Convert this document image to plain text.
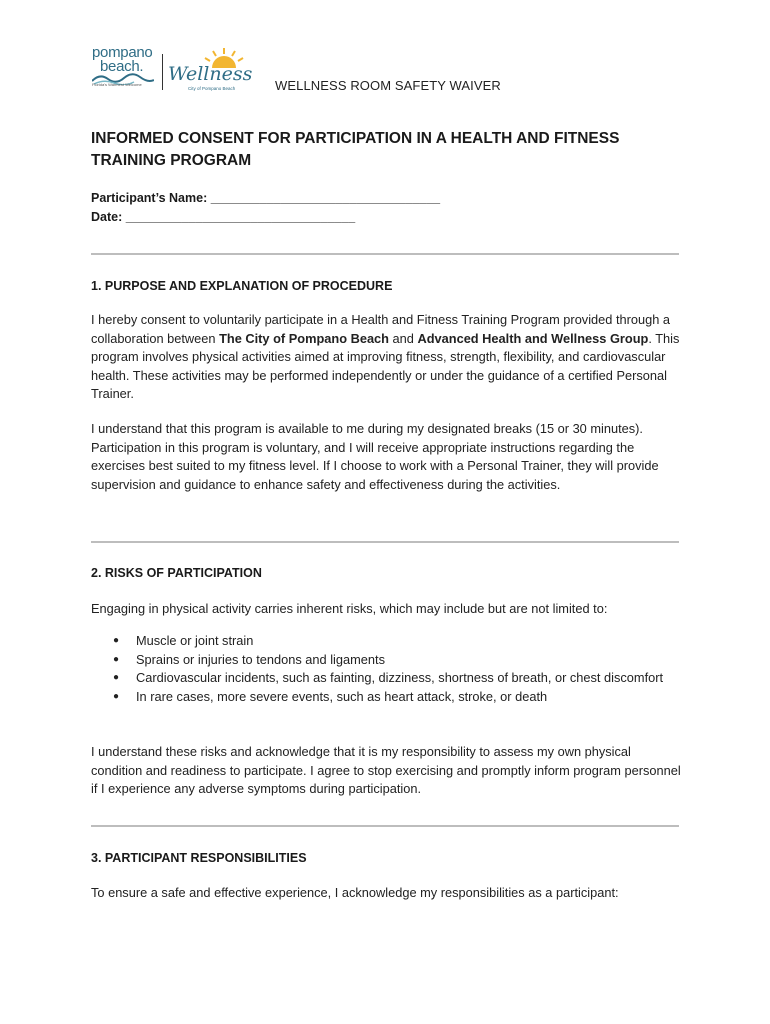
pompano
beach.
Florida's Warmest Welcome Wellness
City of Pompano Beach	WELLNESS ROOM SAFETY WAIVER
INFORMED CONSENT FOR PARTICIPATION IN A HEALTH AND FITNESS TRAINING PROGRAM
Participant’s Name: _________________________________
Date: _________________________________
1. PURPOSE AND EXPLANATION OF PROCEDURE
I hereby consent to voluntarily participate in a Health and Fitness Training Program provided through a collaboration between The City of Pompano Beach and Advanced Health and Wellness Group. This program involves physical activities aimed at improving fitness, strength, flexibility, and cardiovascular health. These activities may be performed independently or under the guidance of a certified Personal Trainer.
I understand that this program is available to me during my designated breaks (15 or 30 minutes). Participation in this program is voluntary, and I will receive appropriate instructions regarding the exercises best suited to my fitness level. If I choose to work with a Personal Trainer, they will provide supervision and guidance to enhance safety and effectiveness during the activities.
2. RISKS OF PARTICIPATION
Engaging in physical activity carries inherent risks, which may include but are not limited to:
● Muscle or joint strain
● Sprains or injuries to tendons and ligaments
● Cardiovascular incidents, such as fainting, dizziness, shortness of breath, or chest discomfort
● In rare cases, more severe events, such as heart attack, stroke, or death
I understand these risks and acknowledge that it is my responsibility to assess my own physical condition and readiness to participate. I agree to stop exercising and promptly inform program personnel if I experience any adverse symptoms during participation.
3. PARTICIPANT RESPONSIBILITIES
To ensure a safe and effective experience, I acknowledge my responsibilities as a participant:
